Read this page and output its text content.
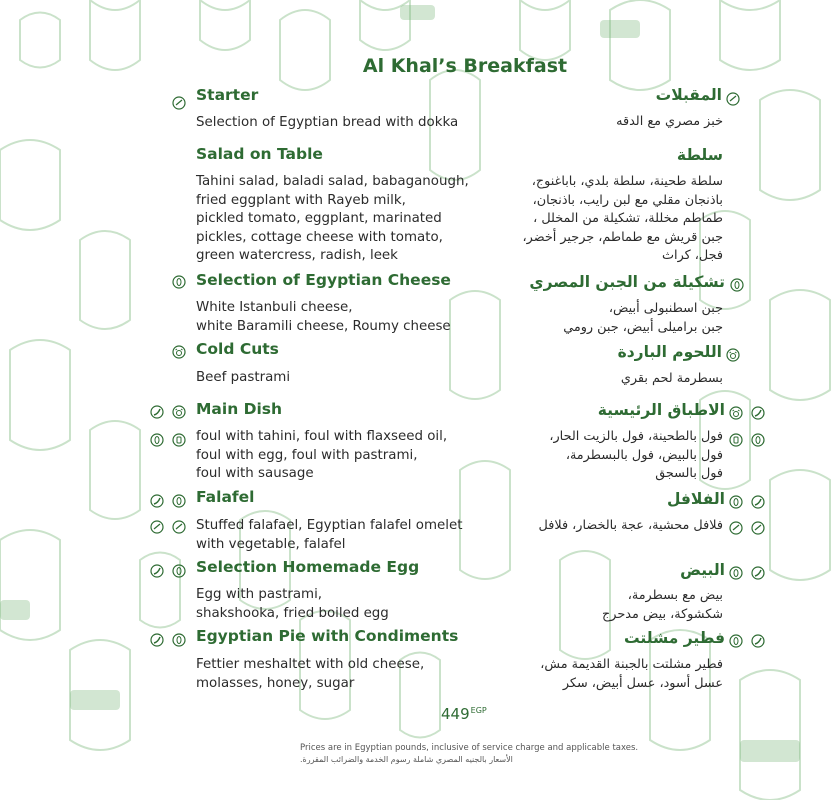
Al Khal’s Breakfast
Starter
Selection of Egyptian bread with dokka
Salad on Table
Tahini salad, baladi salad, babaganough,
fried eggplant with Rayeb milk,
pickled tomato, eggplant, marinated
pickles, cottage cheese with tomato,
green watercress, radish, leek
Selection of Egyptian Cheese
White Istanbuli cheese,
white Baramili cheese, Roumy cheese
Cold Cuts
Beef pastrami
Main Dish
foul with tahini, foul with flaxseed oil,
foul with egg, foul with pastrami,
foul with sausage
Falafel
Stuffed falafael, Egyptian falafel omelet
with vegetable, falafel
Selection Homemade Egg
Egg with pastrami,
shakshooka, fried boiled egg
Egyptian Pie with Condiments
Fettier meshaltet with old cheese,
molasses, honey, sugar
المقبلات
خبز مصري مع الدقه
سلطة
سلطة طحينة، سلطة بلدي، باباغنوج،
باذنجان مقلي مع لبن رايب، باذنجان،
طماطم مخللة، تشكيلة من المخلل ،
جبن قريش مع طماطم، جرجير أخضر،
فجل، كراث
تشكيلة من الجبن المصري
جبن اسطنبولى أبيض،
جبن براميلى أبيض، جبن رومي
اللحوم الباردة
بسطرمة لحم بقري
الاطباق الرئيسية
فول بالطحينة، فول بالزيت الحار،
فول بالبيض، فول بالبسطرمة،
فول بالسجق
الفلافل
فلافل محشية، عجة بالخضار، فلافل
البيض
بيض مع بسطرمة،
شكشوكة، بيض مدحرج
فطير مشلتت
فطير مشلتت بالجبنة القديمة مش،
عسل أسود، عسل أبيض، سكر
$449^{EGP}$
Prices are in Egyptian pounds, inclusive of service charge and applicable taxes.
الأسعار بالجنيه المصري شاملة رسوم الخدمة والضرائب المقررة.
